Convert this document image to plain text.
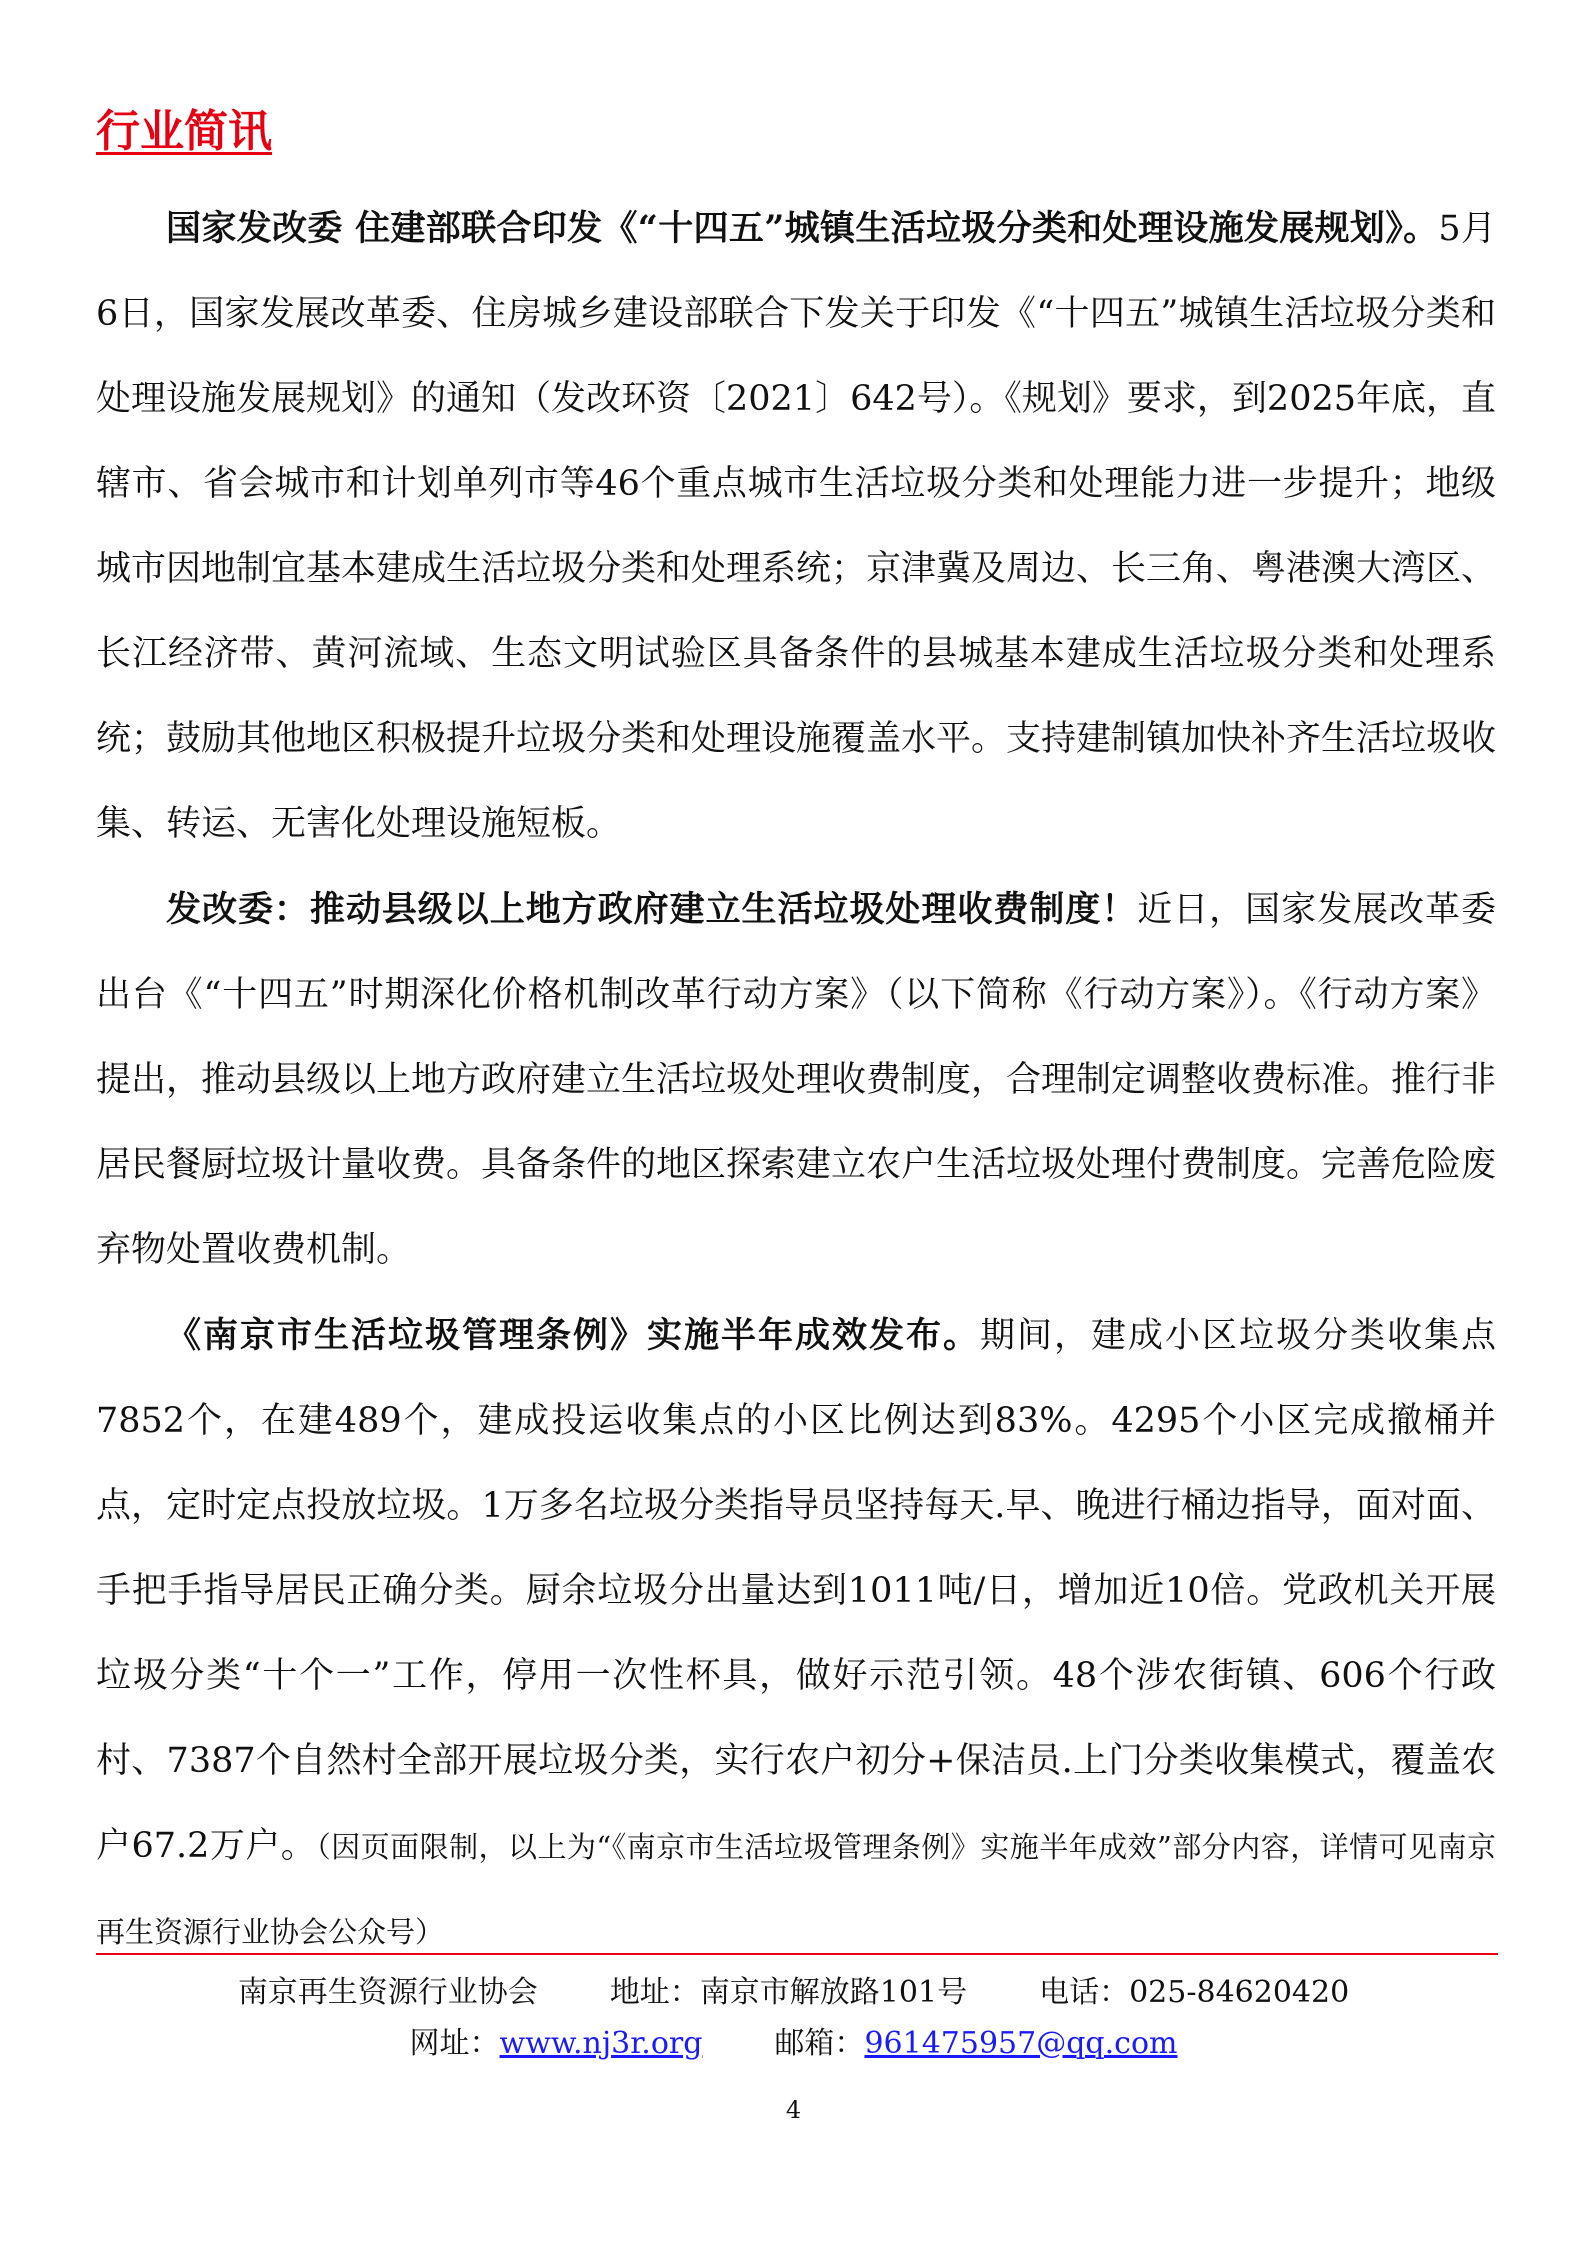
行业简讯

国家发改委 住建部联合印发《“十四五”城镇生活垃圾分类和处理设施发展规划》。5月6日，国家发展改革委、住房城乡建设部联合下发关于印发《“十四五”城镇生活垃圾分类和处理设施发展规划》的通知（发改环资〔2021〕642号）。《规划》要求，到2025年底，直辖市、省会城市和计划单列市等46个重点城市生活垃圾分类和处理能力进一步提升；地级城市因地制宜基本建成生活垃圾分类和处理系统；京津冀及周边、长三角、粤港澳大湾区、长江经济带、黄河流域、生态文明试验区具备条件的县城基本建成生活垃圾分类和处理系统；鼓励其他地区积极提升垃圾分类和处理设施覆盖水平。支持建制镇加快补齐生活垃圾收集、转运、无害化处理设施短板。

发改委：推动县级以上地方政府建立生活垃圾处理收费制度！近日，国家发展改革委出台《“十四五”时期深化价格机制改革行动方案》（以下简称《行动方案》）。《行动方案》提出，推动县级以上地方政府建立生活垃圾处理收费制度，合理制定调整收费标准。推行非居民餐厨垃圾计量收费。具备条件的地区探索建立农户生活垃圾处理付费制度。完善危险废弃物处置收费机制。

《南京市生活垃圾管理条例》实施半年成效发布。期间，建成小区垃圾分类收集点7852个，在建489个，建成投运收集点的小区比例达到83%。4295个小区完成撤桶并点，定时定点投放垃圾。1万多名垃圾分类指导员坚持每天.早、晚进行桶边指导，面对面、手把手指导居民正确分类。厨余垃圾分出量达到1011吨/日，增加近10倍。党政机关开展垃圾分类“十个一”工作，停用一次性杯具，做好示范引领。48个涉农街镇、606个行政村、7387个自然村全部开展垃圾分类，实行农户初分+保洁员.上门分类收集模式，覆盖农户67.2万户。（因页面限制，以上为“《南京市生活垃圾管理条例》实施半年成效”部分内容，详情可见南京再生资源行业协会公众号）

南京再生资源行业协会 地址：南京市解放路101号 电话：025-84620420
网址：www.nj3r.org 邮箱：961475957@qq.com
4
